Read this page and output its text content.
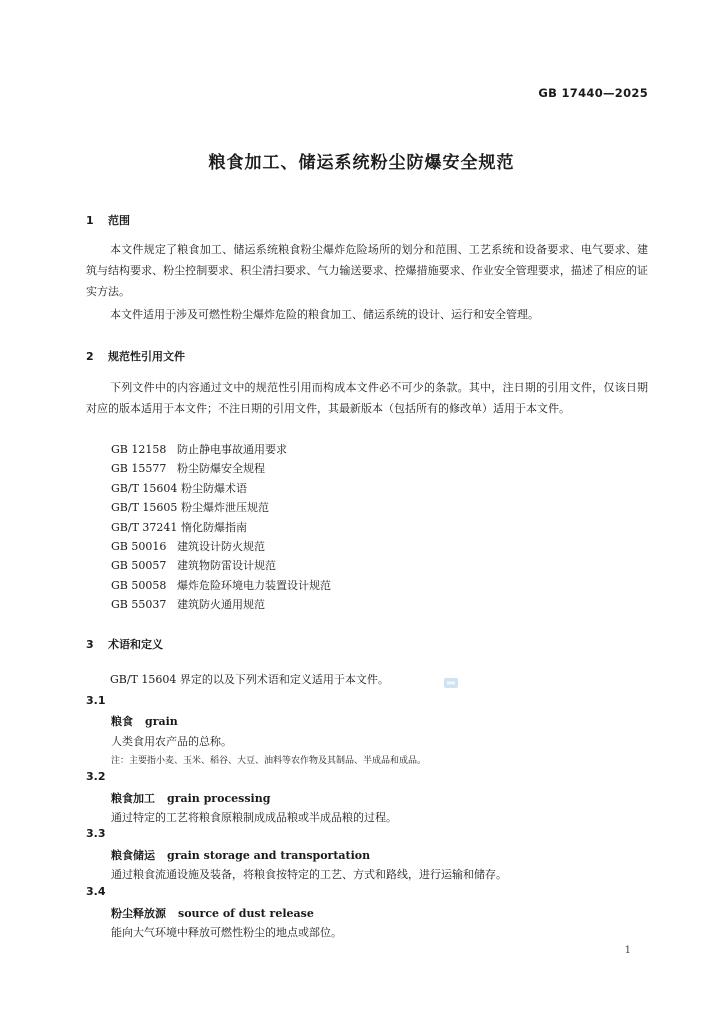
GB 17440—2025
粮食加工、储运系统粉尘防爆安全规范
1 范围
本文件规定了粮食加工、储运系统粮食粉尘爆炸危险场所的划分和范围、工艺系统和设备要求、电气要求、建筑与结构要求、粉尘控制要求、积尘清扫要求、气力输送要求、控爆措施要求、作业安全管理要求，描述了相应的证实方法。
本文件适用于涉及可燃性粉尘爆炸危险的粮食加工、储运系统的设计、运行和安全管理。
2 规范性引用文件
下列文件中的内容通过文中的规范性引用而构成本文件必不可少的条款。其中，注日期的引用文件，仅该日期对应的版本适用于本文件；不注日期的引用文件，其最新版本（包括所有的修改单）适用于本文件。
GB 12158 防止静电事故通用要求
GB 15577 粉尘防爆安全规程
GB/T 15604 粉尘防爆术语
GB/T 15605 粉尘爆炸泄压规范
GB/T 37241 惰化防爆指南
GB 50016 建筑设计防火规范
GB 50057 建筑物防雷设计规范
GB 50058 爆炸危险环境电力装置设计规范
GB 55037 建筑防火通用规范
3 术语和定义
GB/T 15604 界定的以及下列术语和定义适用于本文件。
3.1
粮食 grain
人类食用农产品的总称。
注：主要指小麦、玉米、稻谷、大豆、油料等农作物及其制品、半成品和成品。
3.2
粮食加工 grain processing
通过特定的工艺将粮食原粮制成成品粮或半成品粮的过程。
3.3
粮食储运 grain storage and transportation
通过粮食流通设施及装备，将粮食按特定的工艺、方式和路线，进行运输和储存。
3.4
粉尘释放源 source of dust release
能向大气环境中释放可燃性粉尘的地点或部位。
1
